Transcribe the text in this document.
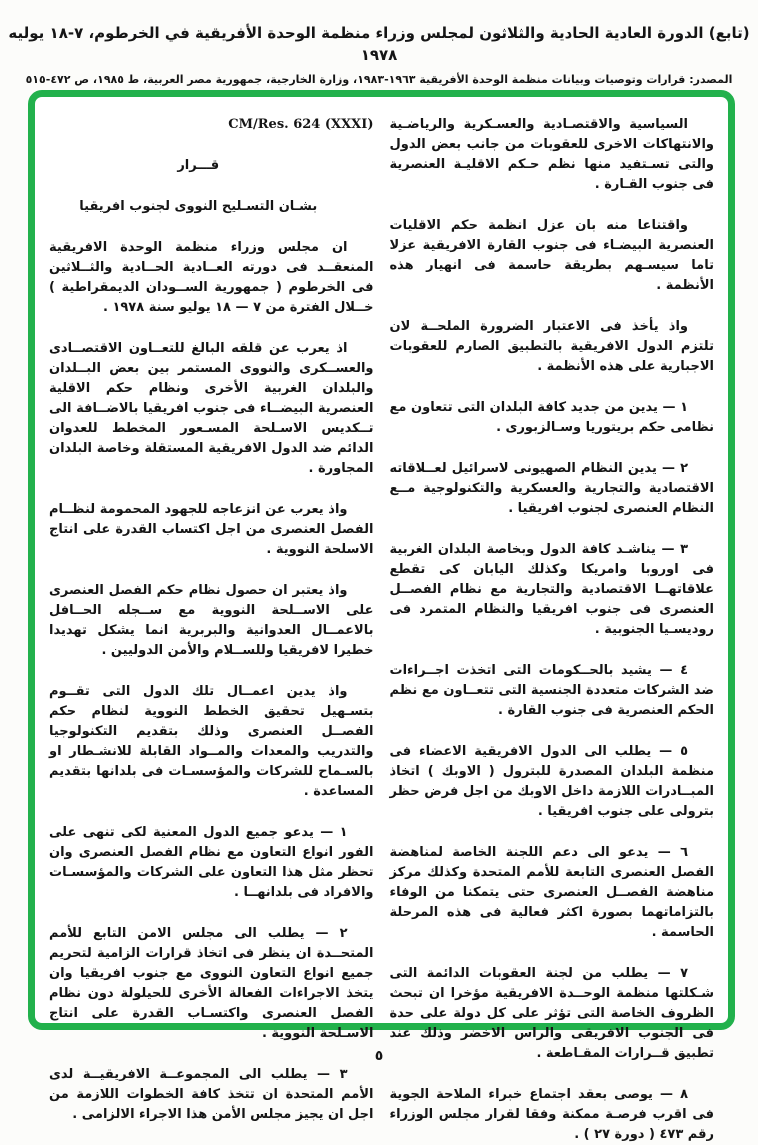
(تابع) الدورة العادية الحادية والثلاثون لمجلس وزراء منظمة الوحدة الأفريقية في الخرطوم، ٧-١٨ يوليه ١٩٧٨
المصدر: قرارات وتوصيات وبيانات منظمة الوحدة الأفريقية ١٩٦٣-١٩٨٣، وزارة الخارجية، جمهورية مصر العربية، ط ١٩٨٥، ص ٤٧٢-٥١٥

السياسية والاقتصـادية والعسـكرية والرياضـية والانتهاكات الاخرى للعقوبات من جانب بعض الدول والتى تسـتفيد منها نظم حـكم الاقليـة العنصرية فى جنوب القـارة .

واقتناعا منه بان عزل انظمة حكم الاقليات العنصرية البيضـاء فى جنوب القارة الافريقية عزلا تاما سيسـهم بطريقة حاسمة فى انهيار هذه الأنظمة .

واذ يأخذ فى الاعتبار الضرورة الملحــة لان تلتزم الدول الافريقية بالتطبيق الصارم للعقوبات الاجبارية على هذه الأنظمة .

١ — يدين من جديد كافة البلدان التى تتعاون مع نظامى حكم بريتوريا وسـالزبورى .

٢ — يدين النظام الصهيونى لاسرائيل لعــلاقاته الاقتصادية والتجارية والعسكرية والتكنولوجية مــع النظام العنصرى لجنوب افريقيا .

٣ — يناشـد كافة الدول وبخاصة البلدان الغربية فى اوروبا وامريكا وكذلك اليابان كى تقطع علاقاتهــا الاقتصادية والتجارية مع نظام الفصــل العنصرى فى جنوب افريقيا والنظام المتمرد فى روديسـيا الجنوبية .

٤ — يشيد بالحــكومات التى اتخذت اجــراءات ضد الشركات متعددة الجنسية التى تتعــاون مع نظم الحكم العنصرية فى جنوب القارة .

٥ — يطلب الى الدول الافريقية الاعضاء فى منظمة البلدان المصدرة للبترول ( الاوبك ) اتخاذ المبــادرات اللازمة داخل الاوبك من اجل فرض حظر بترولى على جنوب افريقيا .

٦ — يدعو الى دعم اللجنة الخاصة لمناهضة الفصل العنصرى التابعة للأمم المتحدة وكذلك مركز مناهضة الفصــل العنصرى حتى يتمكنا من الوفاء بالتزاماتهما بصورة اكثر فعالية فى هذه المرحلة الحاسمة .

٧ — يطلب من لجنة العقوبات الدائمة التى شـكلتها منظمة الوحــدة الافريقية مؤخرا ان تبحث الظروف الخاصة التى تؤثر على كل دولة على حدة فى الجنوب الافريقى والراس الاخضر وذلك عند تطبيق قــرارات المقـاطعة .

٨ — يوصى بعقد اجتماع خبراء الملاحة الجوية فى اقرب فرصـة ممكنة وفقا لقرار مجلس الوزراء رقم ٤٧٣ ( دورة ٢٧ ) .

CM/Res. 624 (XXXI)

قـــرار

بشـان التسـليح النووى لجنوب افريقيا

ان مجلس وزراء منظمة الوحدة الافريقية المنعقــد فى دورته العــادية الحــادية والثــلاثين فى الخرطوم ( جمهورية الســودان الديمقراطية ) خــلال الفترة من ٧ — ١٨ يوليو سنة ١٩٧٨ .

اذ يعرب عن قلقه البالغ للتعــاون الاقتصــادى والعســكرى والنووى المستمر بين بعض البــلدان والبلدان الغربية الأخرى ونظام حكم الاقلية العنصرية البيضــاء فى جنوب افريقيا بالاضــافة الى تــكديس الاسـلحة المسـعور المخطط للعدوان الدائم ضد الدول الافريقية المستقلة وخاصة البلدان المجاورة .

واذ يعرب عن انزعاجه للجهود المحمومة لنظــام الفصل العنصرى من اجل اكتساب القدرة على انتاج الاسلحة النووية .

واذ يعتبر ان حصول نظام حكم الفصل العنصرى على الاســلحة النووية مع ســجله الحــافل بالاعمــال العدوانية والبربرية انما يشكل تهديدا خطيرا لافريقيا وللســلام والأمن الدوليين .

واذ يدين اعمــال تلك الدول التى تقــوم بتسـهيل تحقيق الخطط النووية لنظام حكم الفصــل العنصرى وذلك بتقديم التكنولوجيا والتدريب والمعدات والمــواد القابلة للانشـطار او بالسـماح للشركات والمؤسسـات فى بلدانها بتقديم المساعدة .

١ — يدعو جميع الدول المعنية لكى تنهى على الفور انواع التعاون مع نظام الفصل العنصرى وان تحظر مثل هذا التعاون على الشركات والمؤسسـات والافراد فى بلدانهــا .

٢ — يطلب الى مجلس الامن التابع للأمم المتحــدة ان ينظر فى اتخاذ قرارات الزامية لتحريم جميع انواع التعاون النووى مع جنوب افريقيا وان يتخذ الاجراءات الفعالة الأخرى للحيلولة دون نظام الفصل العنصرى واكتسـاب القدرة على انتاج الاسـلحة النووية .

٣ — يطلب الى المجموعــة الافريقيــة لدى الأمم المتحدة ان تتخذ كافة الخطوات اللازمة من اجل ان يجيز مجلس الأمن هذا الاجراء الالزامى .

٥
